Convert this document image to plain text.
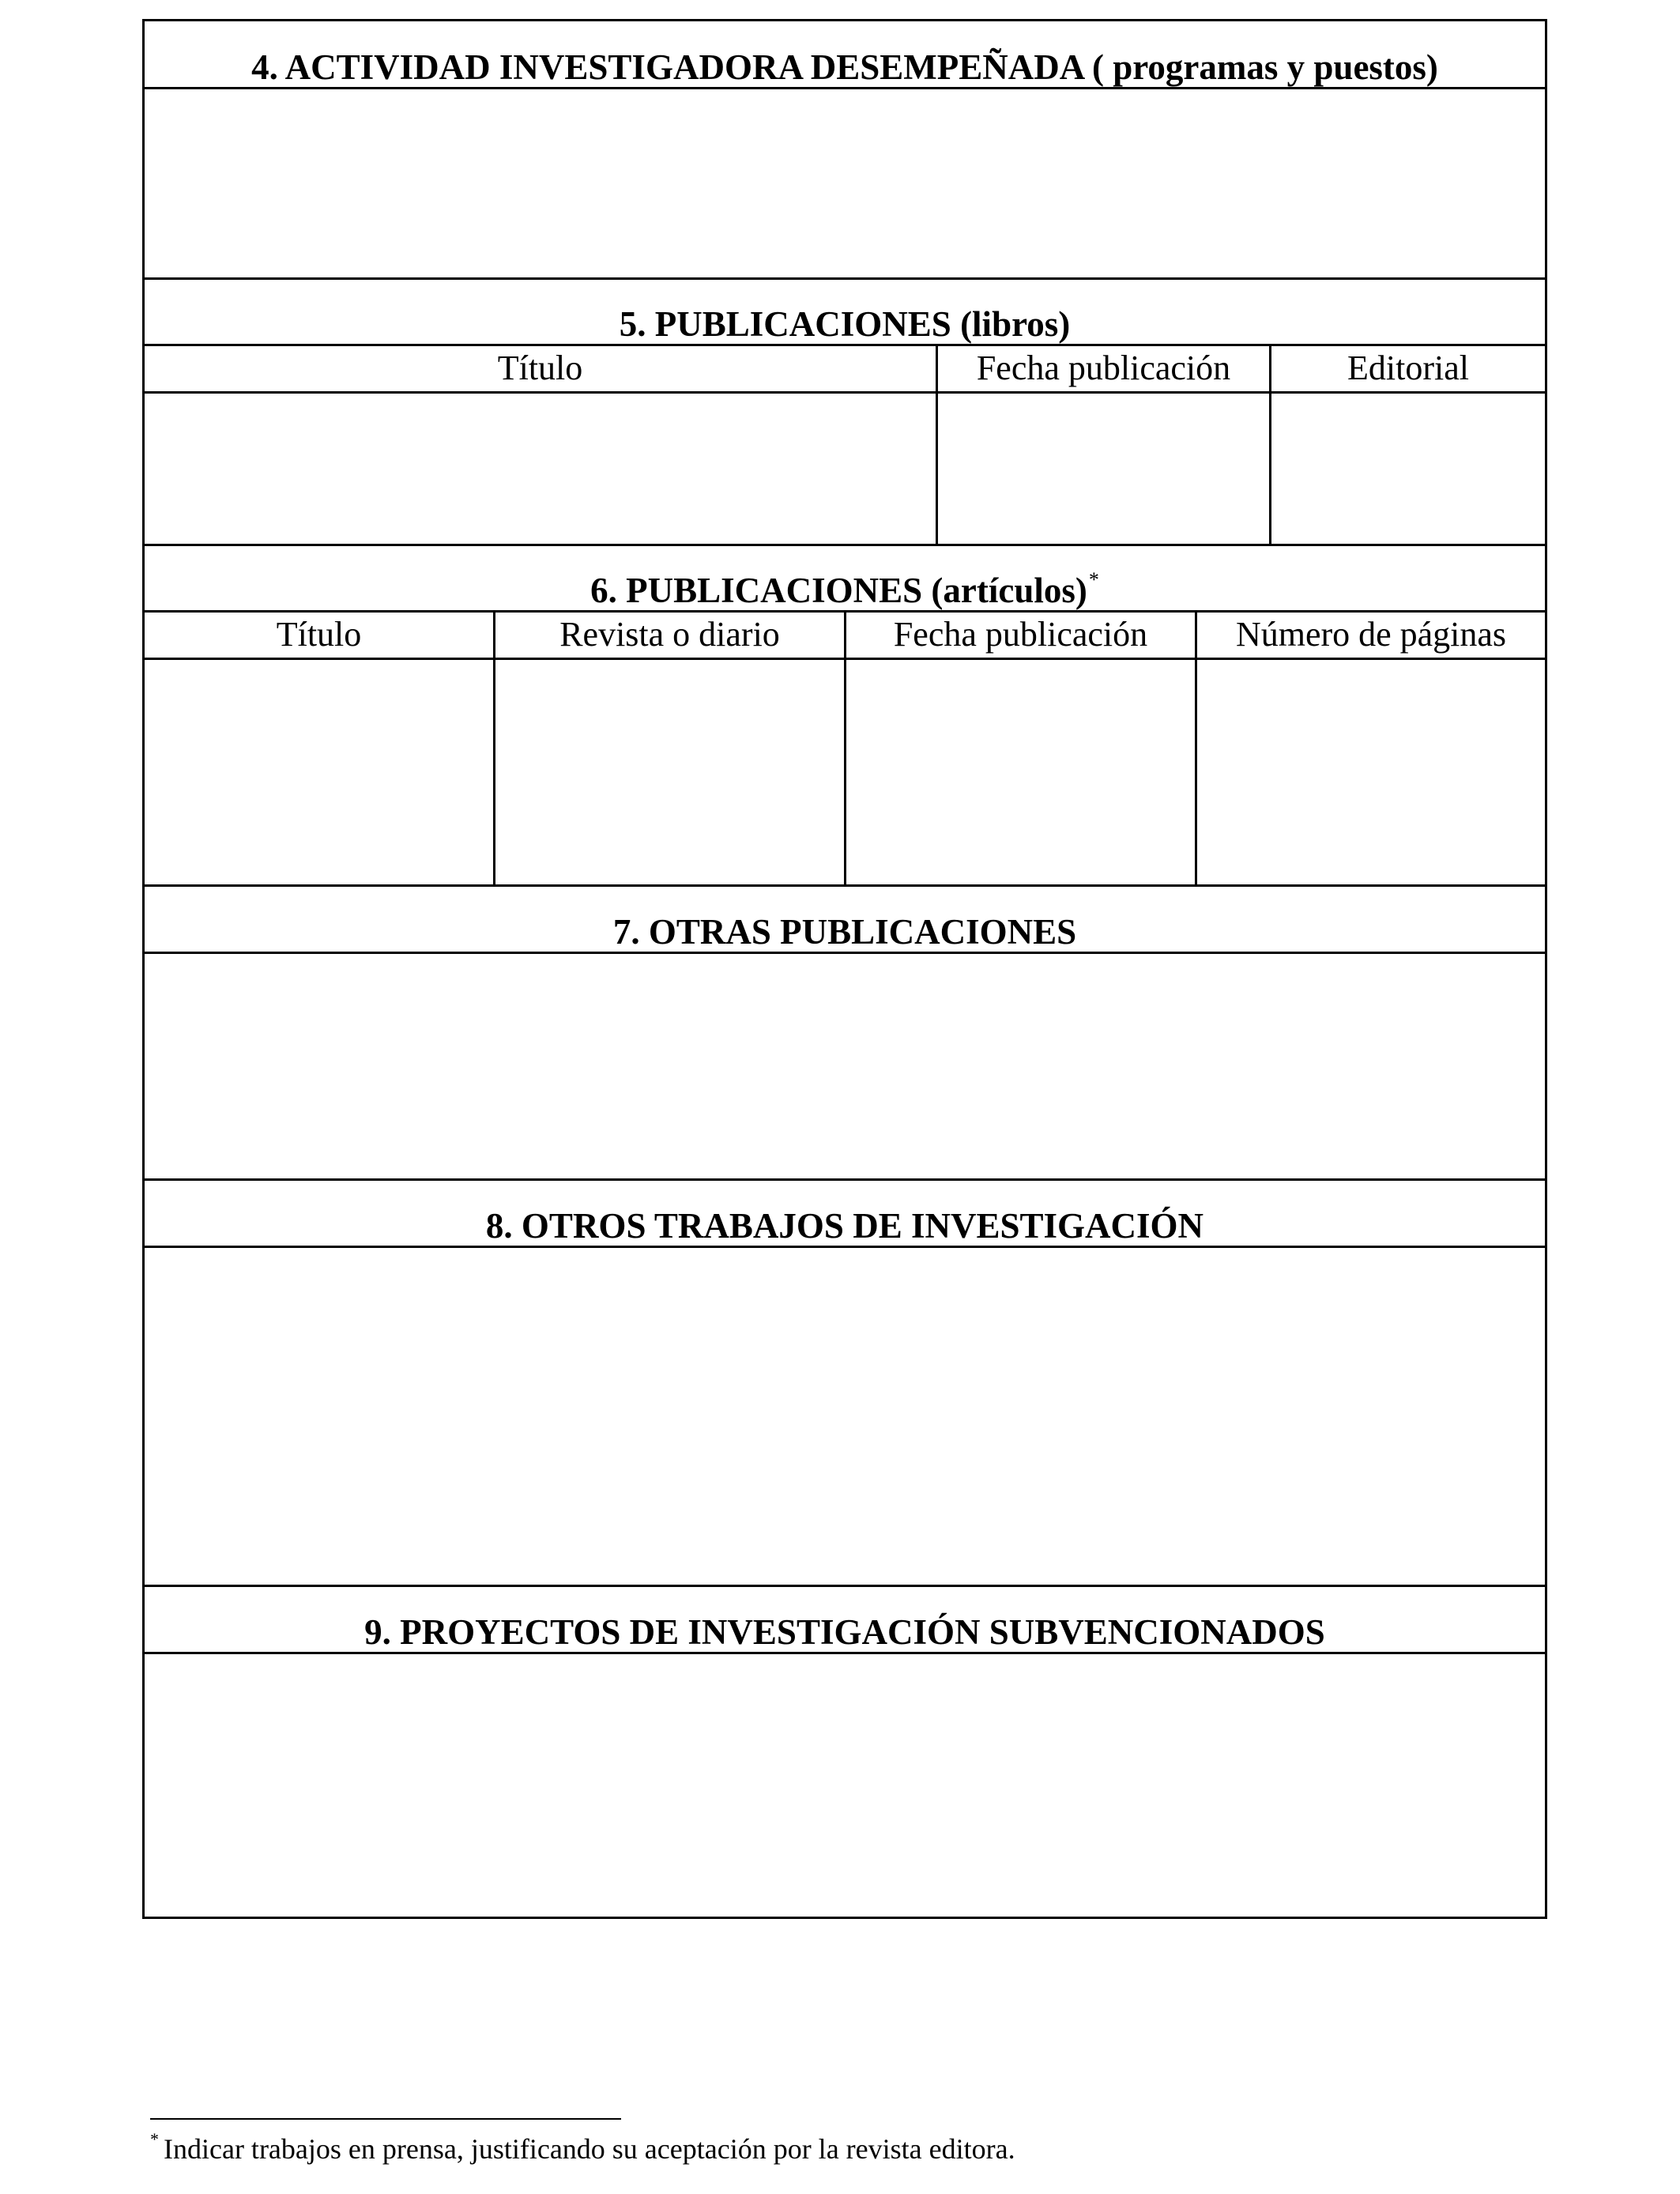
4. ACTIVIDAD INVESTIGADORA DESEMPEÑADA ( programas y puestos)
5. PUBLICACIONES (libros)
Título	Fecha publicación	Editorial
6. PUBLICACIONES (artículos)*
Título	Revista o diario	Fecha publicación	Número de páginas
7. OTRAS PUBLICACIONES
8. OTROS TRABAJOS DE INVESTIGACIÓN
9. PROYECTOS DE INVESTIGACIÓN SUBVENCIONADOS
* Indicar trabajos en prensa, justificando su aceptación por la revista editora.
